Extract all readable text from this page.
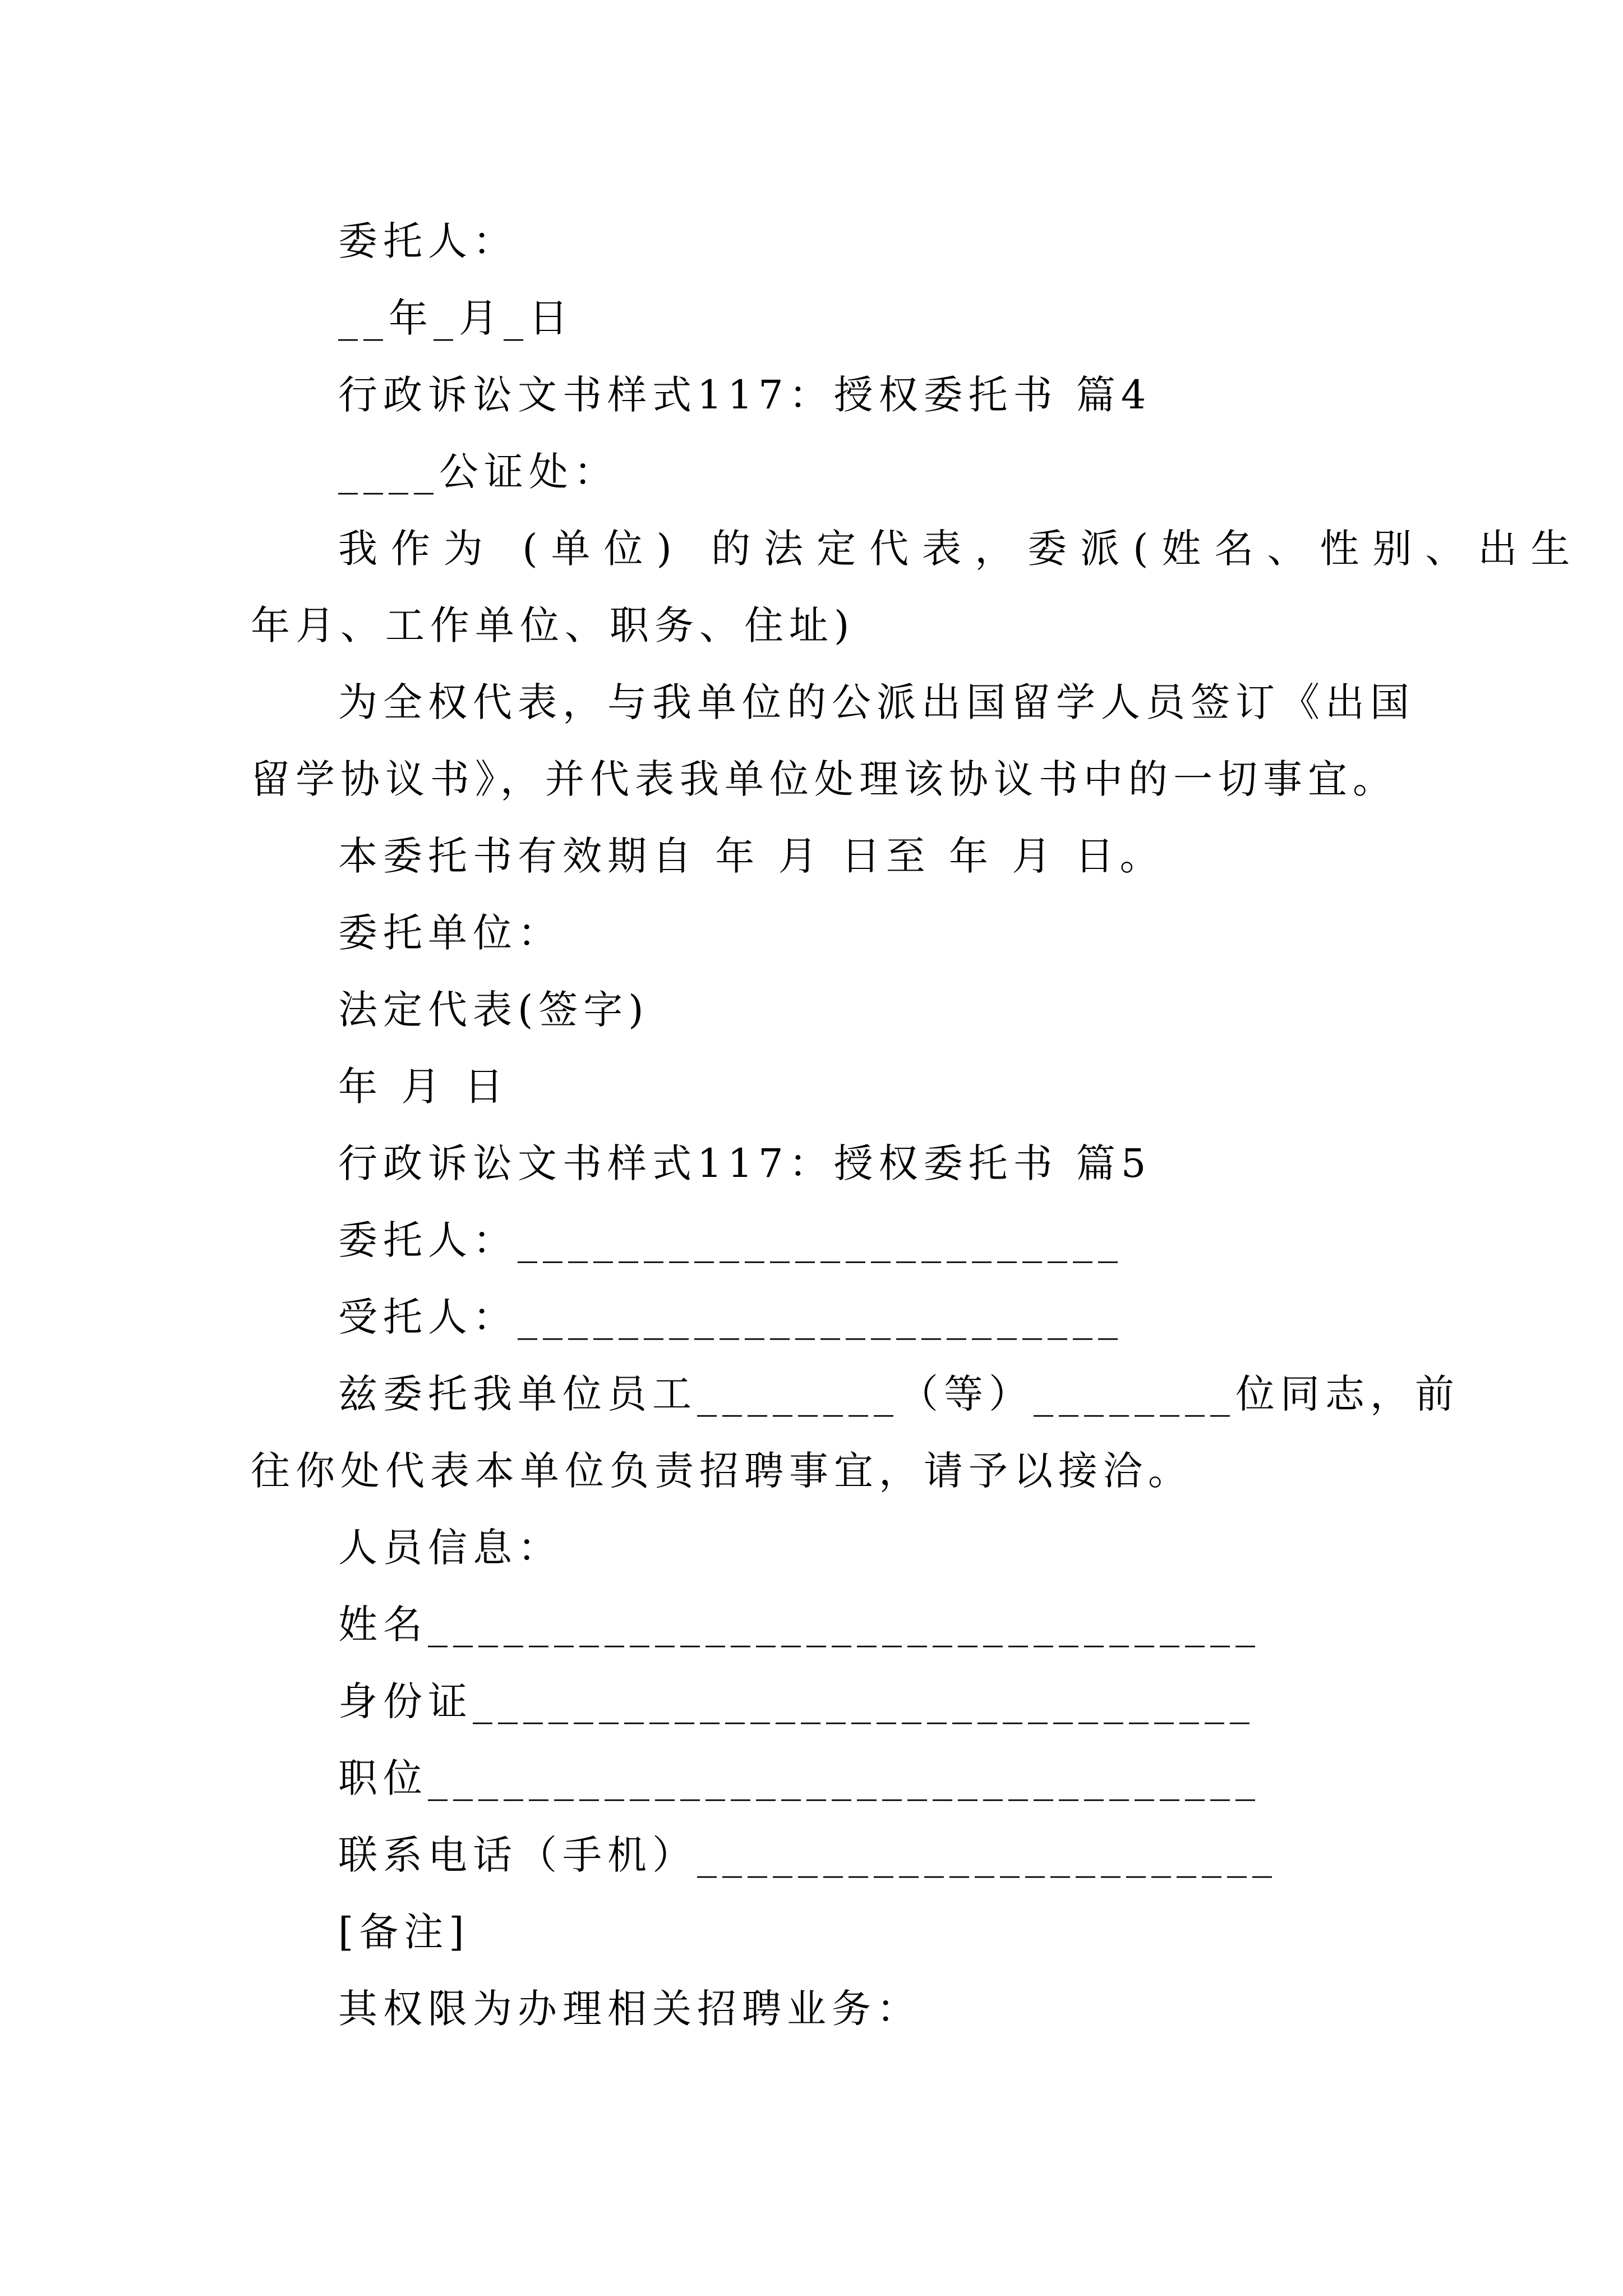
委托人：
__年_月_日
行政诉讼文书样式117：授权委托书 篇4
____公证处：
我作为 (单位) 的法定代表，委派(姓名、性别、出生
年月、工作单位、职务、住址)
为全权代表，与我单位的公派出国留学人员签订《出国
留学协议书》，并代表我单位处理该协议书中的一切事宜。
本委托书有效期自 年 月 日至 年 月 日。
委托单位：
法定代表(签字)
年 月 日
行政诉讼文书样式117：授权委托书 篇5
委托人：________________________
受托人：________________________
兹委托我单位员工________（等）________位同志，前
往你处代表本单位负责招聘事宜，请予以接洽。
人员信息：
姓名_________________________________
身份证_______________________________
职位_________________________________
联系电话（手机）_______________________
[备注]
其权限为办理相关招聘业务：
